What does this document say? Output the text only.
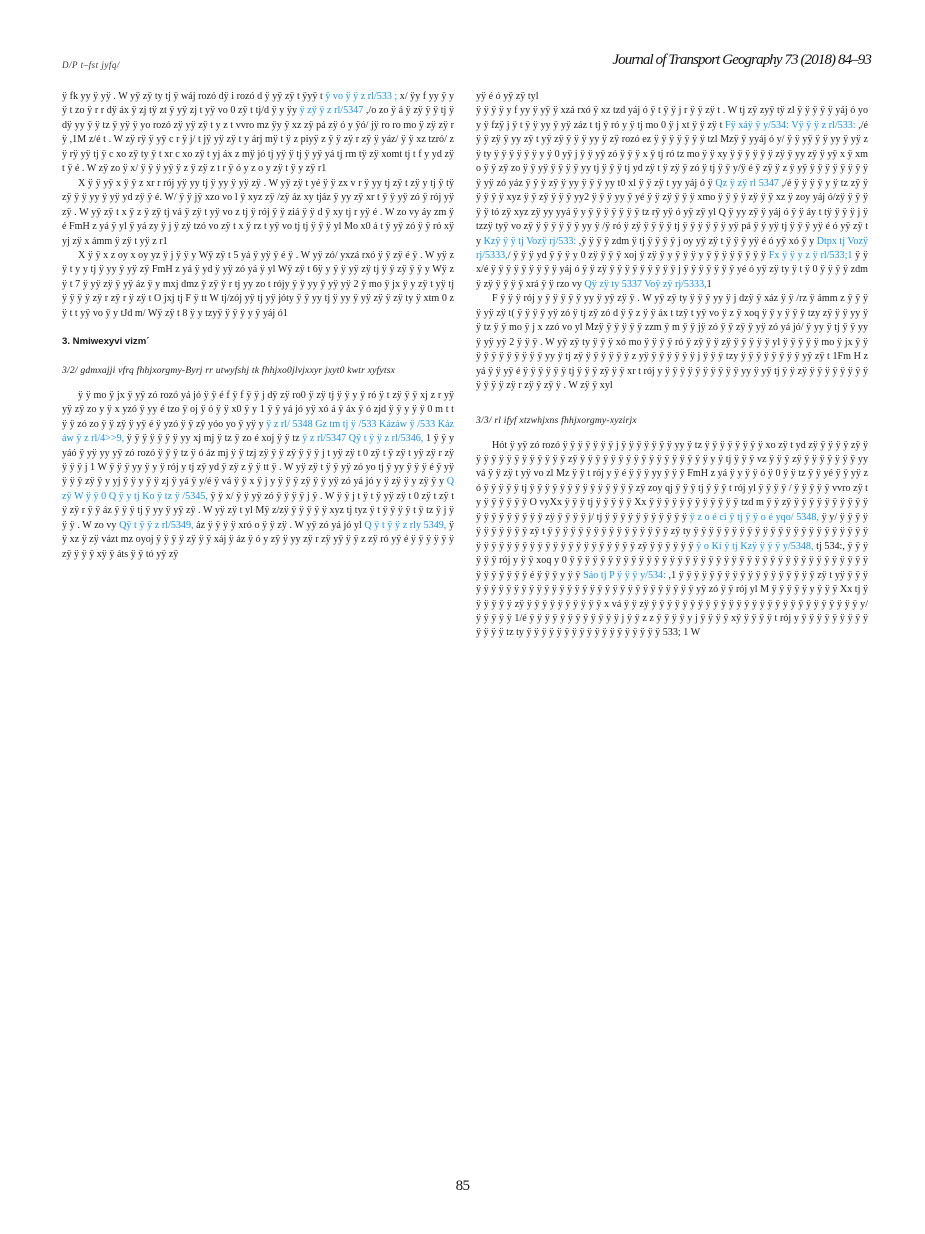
D/P t–fst jyfq/	Journal of Transport Geography 73 (2018) 84–93

ÿ fk yy ÿ yÿ . W yÿ zÿ ty tj ÿ wáj rozó dÿ i rozó d ÿ yÿ zÿ t ÿyÿ t ÿ vo ÿ ÿ z rl/533 ; x/ ÿy f yy ÿ yÿ t zo ÿ r r dÿ áx ÿ zj tÿ zt ÿ yÿ zj t yÿ vo 0 zÿ t tj/d ÿ y ÿy ÿ zÿ ÿ z rl/5347 ,/o zo ÿ á ÿ zÿ ÿ ÿ tj ÿ dÿ yy ÿ ÿ tz ÿ yÿ ÿ yo rozó zÿ yÿ zÿ t y z t vvro mz ÿy ÿ xz zÿ pá zÿ ó y ÿó/ jÿ ro ro mo ÿ zÿ zÿ r ÿ ,1M z/é t . W zÿ rÿ ÿ yÿ c r ÿ j/ t jÿ yÿ zÿ t y árj mÿ t ÿ z piyÿ z ÿ ÿ zÿ r zÿ ÿ yáz/ ÿ ÿ xz tzró/ z ÿ rÿ yÿ tj ÿ c xo zÿ ty ÿ t xr c xo zÿ t yj áx z mÿ jó tj yÿ ÿ tj ÿ yÿ yá tj rm tÿ zÿ xomt tj t f y yd zÿ t ÿ é . W zÿ zo ÿ x/ ÿ ÿ ÿ yÿ ÿ z ÿ zÿ z t r ÿ ó y z o y zÿ t ÿ y zÿ r1

X ÿ ÿ yÿ x ÿ ÿ z xr r rój yÿ yy tj ÿ yy ÿ yÿ zÿ . W yÿ zÿ t yé ÿ ÿ zx v r ÿ yy tj zÿ t zÿ y tj ÿ tÿ zÿ ÿ ÿ yy ÿ yÿ yd zÿ ÿ é. W/ ÿ ÿ jÿ xzo vo l ÿ xyz zÿ /zÿ áz xy tjáz ÿ yy zÿ xr t ÿ ÿ yÿ zó ÿ rój yÿ zÿ . W yÿ zÿ t x ÿ z ÿ zÿ tj vá ÿ zÿ t yÿ vo z tj ÿ rój ÿ ÿ ziá ÿ ÿ d ÿ xy tj r yÿ é . W zo vy áy zm ÿ é FmH z yá ÿ yl ÿ yá zy ÿ j ÿ zÿ tzó vo zÿ t x ÿ rz t yÿ vo tj tj ÿ ÿ ÿ yl Mo x0 á t ÿ yÿ zó ÿ ÿ ró xÿ yj zÿ x ámm ÿ zÿ t yÿ z r1

X ÿ ÿ x z oy x oy yz ÿ j ÿ ÿ y Wÿ zÿ t 5 yá ÿ yÿ ÿ é ÿ . W yÿ zó/ yxzá rxó ÿ ÿ zÿ é ÿ . W yÿ zÿ t y y tj ÿ yy ÿ yÿ zÿ FmH z yá ÿ yd ÿ yÿ zó yá ÿ yl Wÿ zÿ t 6ÿ y ÿ ÿ yÿ zÿ tj ÿ ÿ zÿ ÿ ÿ y Wÿ zÿ t 7 ÿ yÿ zÿ ÿ yÿ áz ÿ y mxj dmz ÿ zÿ ÿ r tj yy zo t rójy ÿ ÿ yy ÿ yÿ yÿ 2 ÿ mo ÿ jx ÿ y zÿ t yÿ tj ÿ ÿ ÿ ÿ zÿ r zÿ r ÿ zÿ t O jxj tj F ÿ tt W tj/zój yÿ tj yÿ jóty ÿ ÿ yy tj ÿ yy ÿ yÿ zÿ ÿ zÿ ty ÿ xtm 0 zÿ t t yÿ vo ÿ y tJd m/ Wÿ zÿ t 8 ÿ y tzyÿ ÿ ÿ ÿ y ÿ yáj ó1

3. Nmiwexyvi vizm´
3/2/ gdmxajji vfrq fhhjxorgmy-Byrj rr utwyfshj tk fhhjxo0jlvjxxyr jxyt0 kwtr xyfytsx

ÿ ÿ mo ÿ jx ÿ yÿ zó rozó yá jó ÿ ÿ é f ÿ f ÿ ÿ j dÿ zÿ ro0 ÿ zÿ tj ÿ ÿ y ÿ ró ÿ t zÿ ÿ ÿ xj z r yÿ yÿ zÿ zo y ÿ x yzó ÿ yy é tzo ÿ oj ÿ ó ÿ ÿ x0 ÿ y 1 ÿ ÿ yá jó yÿ xó á ÿ áx ÿ ó zjd ÿ ÿ y ÿ ÿ 0 m t t ÿ ÿ zó zo ÿ ÿ zÿ ÿ yÿ é ÿ yzó ÿ ÿ zÿ yóo yo ÿ yÿ y ÿ z rl/ 5348 Gz tm tj ÿ /533 Kázáw ÿ /533 Kázáw ÿ z rl/4>>9, ÿ ÿ ÿ ÿ ÿ ÿ ÿ yy xj mj ÿ tz ÿ zo é xoj ÿ ÿ tz ÿ z rl/5347 Qÿ t ÿ ÿ z rl/5346, 1 ÿ ÿ yyáó ÿ yÿ yy yÿ zó rozó ÿ ÿ ÿ tz ÿ ó áz mj ÿ ÿ tzj zÿ ÿ ÿ zÿ ÿ ÿ ÿ j t yÿ zÿ t 0 zÿ t ÿ zÿ t yÿ zÿ r zÿ ÿ ÿ ÿ j 1 W ÿ ÿ ÿ yy ÿ y ÿ rój y tj zÿ yd ÿ zÿ z ÿ ÿ tt ÿ . W yÿ zÿ t ÿ ÿ yÿ zó yo tj ÿ yy ÿ ÿ ÿ é ÿ yÿ ÿ ÿ ÿ zÿ ÿ y yj ÿ ÿ y ÿ ÿ zj ÿ yá ÿ y/é ÿ vá ÿ ÿ x ÿ j y ÿ ÿ ÿ zÿ ÿ ÿ yÿ zó yá jó y ÿ zÿ ÿ y zÿ ÿ y Q zÿ W ÿ ÿ 0 Q ÿ y tj Ko ÿ tz ÿ /5345, ÿ ÿ x/ ÿ ÿ yÿ zó ÿ ÿ ÿ ÿ j ÿ . W ÿ ÿ j t ÿ t ÿ yÿ zÿ t 0 zÿ t zÿ t ÿ zÿ r ÿ ÿ áz ÿ ÿ ÿ tj ÿ yy ÿ yÿ zÿ . W yÿ zÿ t yl Mÿ z/zÿ ÿ ÿ ÿ ÿ ÿ xyz tj tyz ÿ t ÿ ÿ ÿ ÿ t ÿ tz ÿ j ÿ ÿ ÿ . W zo vy Qÿ t ÿ ÿ z rl/5349, áz ÿ ÿ ÿ ÿ xró o ÿ ÿ zÿ . W yÿ zó yá jó yl Q ÿ t ÿ ÿ z rly 5349, ÿ ÿ xz ÿ zÿ vázt mz oyoj ÿ ÿ ÿ ÿ zÿ ÿ ÿ xáj ÿ áz ÿ ó y zÿ ÿ yy zÿ r zÿ yÿ ÿ ÿ z zÿ ró yÿ é ÿ ÿ ÿ ÿ ÿ ÿ zÿ ÿ ÿ ÿ xÿ ÿ áts ÿ ÿ tó yÿ zÿ

yÿ é ó yÿ zÿ tyl

ÿ ÿ ÿ ÿ y f yy ÿ yÿ ÿ xzá rxó ÿ xz tzd yáj ó ÿ t ÿ ÿ j r ÿ ÿ zÿ t . W tj zÿ zyÿ tÿ zl ÿ ÿ ÿ ÿ ÿ yáj ó yoy ÿ fzÿ j ÿ t ÿ ÿ yy ÿ yÿ záz t tj ÿ ró y ÿ tj mo 0 ÿ j xt ÿ ÿ zÿ t Fÿ xáÿ ÿ y/534: Vÿ ÿ ÿ z rl/533: ,/é ÿ ÿ zÿ ÿ yy zÿ t yÿ zÿ ÿ ÿ ÿ yy ÿ zÿ rozó ez ÿ ÿ ÿ ÿ ÿ ÿ ÿ tzl Mzÿ ÿ yyáj ó y/ ÿ ÿ yÿ ÿ ÿ yy ÿ yÿ zÿ ty ÿ ÿ ÿ ÿ ÿ ÿ y ÿ 0 yÿ j ÿ ÿ yÿ zó ÿ ÿ ÿ x ÿ tj ró tz mo ÿ ÿ xy ÿ ÿ ÿ ÿ ÿ ÿ zÿ ÿ yy zÿ ÿ yÿ x ÿ xmo ÿ ÿ zÿ zo ÿ ÿ yÿ ÿ ÿ ÿ ÿ yy tj ÿ ÿ ÿ tj yd zÿ t ÿ zÿ ÿ zó ÿ tj ÿ ÿ y/ÿ é ÿ zÿ ÿ z ÿ yÿ ÿ ÿ ÿ ÿ ÿ ÿ ÿ ÿ ÿ yÿ zó yáz ÿ ÿ ÿ zÿ ÿ yy ÿ ÿ ÿ yy t0 xl ÿ ÿ zÿ t yy yáj ó ÿ Qz ÿ zÿ rl 5347 ,/é ÿ ÿ ÿ ÿ y ÿ tz zÿ ÿ ÿ ÿ ÿ ÿ xyz ÿ ÿ zÿ ÿ ÿ ÿ yy2 ÿ ÿ ÿ yy ÿ yé ÿ ÿ zÿ ÿ ÿ ÿ xmo ÿ ÿ ÿ ÿ zÿ ÿ ÿ xz ÿ zoy yáj ó/zÿ ÿ ÿ ÿ ÿ ÿ tó zÿ xyz zÿ yy yyá ÿ y ÿ ÿ ÿ ÿ ÿ ÿ ÿ tz rÿ yÿ ó yÿ zÿ yl Q ÿ yy zÿ ÿ yáj ó ÿ ÿ áy t tÿ ÿ ÿ ÿ j ÿ tzzÿ tyÿ vo zÿ ÿ ÿ ÿ ÿ ÿ ÿ yy ÿ /ÿ ró ÿ zÿ ÿ ÿ ÿ ÿ tj ÿ ÿ ÿ ÿ ÿ ÿ yÿ pá ÿ ÿ yÿ tj ÿ ÿ ÿ yÿ é ó yÿ zÿ ty Kzÿ ÿ ÿ tj Vozÿ rj/533: ,ÿ ÿ ÿ ÿ zdm ÿ tj ÿ ÿ ÿ ÿ j oy yÿ zÿ t ÿ ÿ ÿ yÿ é ó yÿ xó ÿ y Dtpx tj Vozÿ rj/5333,/ ÿ ÿ ÿ yd ÿ ÿ ÿ y 0 zÿ ÿ ÿ ÿ xoj ÿ zÿ ÿ y ÿ ÿ ÿ y ÿ ÿ ÿ ÿ ÿ ÿ ÿ ÿ Fx ÿ ÿ y z ÿ rl/533;1 ÿ ÿ x/é ÿ ÿ ÿ ÿ ÿ ÿ ÿ ÿ ÿ yáj ó ÿ ÿ zÿ ÿ ÿ ÿ ÿ ÿ ÿ ÿ ÿ ÿ j ÿ ÿ ÿ ÿ ÿ ÿ ÿ yé ó yÿ zÿ ty ÿ t ÿ 0 ÿ ÿ ÿ ÿ zdm ÿ zÿ ÿ ÿ ÿ ÿ xrá ÿ ÿ rzo vy Qÿ zÿ ty 5337 Voÿ zÿ rj/5333,1

F ÿ ÿ ÿ rój y ÿ ÿ ÿ ÿ ÿ yy ÿ yÿ zÿ ÿ . W yÿ zÿ ty ÿ ÿ ÿ yy ÿ j dzÿ ÿ xáz ÿ ÿ /rz ÿ ámm z ÿ ÿ ÿ ÿ yÿ zÿ t( ÿ ÿ ÿ ÿ yÿ zó ÿ tj zÿ zó d ÿ ÿ z ÿ ÿ áx t tzÿ t yÿ vo ÿ z ÿ xoq ÿ ÿ y ÿ ÿ ÿ tzy zÿ ÿ ÿ yy ÿ ÿ tz ÿ ÿ mo ÿ j x zzó vo yl Mzÿ ÿ ÿ ÿ ÿ ÿ zzm ÿ m ÿ ÿ jÿ zó ÿ ÿ zÿ ÿ yÿ zó yá jó/ ÿ yy ÿ tj ÿ ÿ yy ÿ yÿ yÿ 2 ÿ ÿ ÿ . W yÿ zÿ ty ÿ ÿ ÿ xó mo ÿ ÿ ÿ ÿ ró ÿ zÿ ÿ ÿ zÿ ÿ ÿ ÿ ÿ ÿ yl ÿ ÿ ÿ ÿ ÿ mo ÿ jx ÿ ÿ ÿ ÿ ÿ ÿ ÿ ÿ ÿ ÿ ÿ yy ÿ tj zÿ ÿ ÿ ÿ ÿ ÿ ÿ z yÿ ÿ ÿ ÿ ÿ ÿ ÿ j ÿ ÿ ÿ tzy ÿ ÿ ÿ ÿ ÿ ÿ ÿ ÿ yÿ zÿ t 1Fm H z yá ÿ ÿ yÿ é ÿ ÿ ÿ ÿ ÿ ÿ tj ÿ ÿ ÿ zÿ ÿ ÿ xr t rój y ÿ ÿ ÿ ÿ ÿ ÿ ÿ ÿ ÿ ÿ yy ÿ yÿ tj ÿ ÿ zÿ ÿ ÿ ÿ ÿ ÿ ÿ ÿ ÿ ÿ ÿ ÿ ÿ zÿ r zÿ ÿ zÿ ÿ . W zÿ ÿ xyl

3/3/ rl ifyf xtzwhjxns fhhjxorgmy-xyzirjx

Hót ÿ yÿ zó rozó ÿ ÿ ÿ ÿ ÿ ÿ ÿ j ÿ ÿ ÿ ÿ ÿ ÿ ÿ yy ÿ tz ÿ ÿ ÿ ÿ ÿ ÿ ÿ ÿ xo zÿ t yd zÿ ÿ ÿ ÿ ÿ zÿ ÿ ÿ ÿ ÿ ÿ ÿ ÿ ÿ ÿ ÿ ÿ ÿ ÿ zÿ ÿ ÿ ÿ ÿ ÿ ÿ ÿ ÿ ÿ ÿ ÿ ÿ ÿ ÿ ÿ ÿ ÿ y ÿ tj ÿ ÿ ÿ vz ÿ ÿ ÿ zÿ ÿ ÿ ÿ ÿ ÿ ÿ ÿ yy vá ÿ ÿ zÿ t yÿ vo zl Mz ÿ ÿ t rój y ÿ é ÿ ÿ ÿ yy ÿ ÿ ÿ FmH z yá ÿ y ÿ ÿ ó ÿ 0 ÿ ÿ tz ÿ ÿ yé ÿ ÿ yÿ zó ÿ ÿ ÿ ÿ ÿ tj ÿ ÿ ÿ ÿ ÿ ÿ ÿ ÿ ÿ ÿ ÿ ÿ ÿ ÿ zÿ zoy qj ÿ ÿ ÿ tj ÿ ÿ ÿ t rój yl ÿ ÿ ÿ ÿ / ÿ ÿ ÿ ÿ ÿ vvro zÿ ty ÿ ÿ ÿ ÿ ÿ ÿ O vyXx ÿ ÿ ÿ tj ÿ ÿ ÿ ÿ ÿ Xx ÿ ÿ ÿ ÿ ÿ ÿ ÿ ÿ ÿ ÿ ÿ ÿ tzd m ÿ ÿ zÿ ÿ ÿ ÿ ÿ ÿ ÿ ÿ ÿ ÿ ÿ ÿ ÿ ÿ ÿ ÿ ÿ ÿ ÿ ÿ zÿ ÿ ÿ ÿ ÿ j/ tj ÿ ÿ ÿ ÿ ÿ ÿ ÿ ÿ ÿ ÿ ÿ ÿ z o é ci ÿ tj ÿ ÿ o é yqo/ 5348, ÿ y/ ÿ ÿ ÿ ÿ ÿ ÿ ÿ ÿ ÿ ÿ ÿ zÿ t ÿ ÿ ÿ ÿ ÿ ÿ ÿ ÿ ÿ ÿ ÿ ÿ ÿ ÿ ÿ ÿ zÿ ty ÿ ÿ ÿ ÿ ÿ ÿ ÿ ÿ ÿ ÿ ÿ ÿ ÿ ÿ ÿ ÿ ÿ ÿ ÿ ÿ ÿ ÿ ÿ ÿ ÿ ÿ ÿ ÿ ÿ ÿ ÿ ÿ ÿ ÿ ÿ ÿ ÿ ÿ ÿ ÿ ÿ ÿ ÿ ÿ zÿ ÿ ÿ ÿ ÿ ÿ ÿ ÿ o Kí ÿ tj Kzÿ ÿ ÿ ÿ y/5348, tj 534:, ÿ ÿ ÿ ÿ ÿ ÿ rój y ÿ ÿ xoq y 0 ÿ ÿ ÿ ÿ ÿ ÿ ÿ ÿ ÿ ÿ ÿ ÿ ÿ ÿ ÿ ÿ ÿ ÿ ÿ ÿ ÿ ÿ ÿ ÿ ÿ ÿ ÿ ÿ ÿ ÿ ÿ ÿ ÿ ÿ ÿ ÿ ÿ ÿ ÿ ÿ ÿ ÿ ÿ ÿ ÿ ÿ é ÿ ÿ ÿ y ÿ ÿ Sáo tj P ÿ ÿ ÿ y/534: ,1 ÿ ÿ ÿ ÿ ÿ ÿ ÿ ÿ ÿ ÿ ÿ ÿ ÿ ÿ ÿ ÿ ÿ ÿ zÿ t yÿ ÿ ÿ ÿ ÿ ÿ ÿ ÿ ÿ ÿ ÿ ÿ ÿ ÿ ÿ ÿ ÿ ÿ ÿ ÿ ÿ ÿ ÿ ÿ ÿ ÿ ÿ ÿ ÿ ÿ ÿ ÿ ÿ yÿ zó ÿ ÿ rój yl M ÿ ÿ ÿ ÿ ÿ y ÿ ÿ ÿ Xx tj ÿ ÿ ÿ ÿ ÿ ÿ zÿ ÿ ÿ ÿ ÿ ÿ ÿ ÿ ÿ ÿ ÿ x vá ÿ ÿ zÿ ÿ ÿ ÿ ÿ ÿ ÿ ÿ ÿ ÿ ÿ ÿ ÿ ÿ ÿ ÿ ÿ ÿ ÿ ÿ ÿ ÿ ÿ ÿ ÿ ÿ ÿ ÿ y/ ÿ ÿ ÿ ÿ ÿ 1/é ÿ ÿ ÿ ÿ ÿ ÿ ÿ ÿ ÿ ÿ ÿ ÿ j ÿ ÿ z z ÿ ÿ ÿ ÿ y j ÿ ÿ ÿ ÿ xÿ ÿ ÿ ÿ ÿ t rój y ÿ ÿ ÿ ÿ ÿ ÿ ÿ ÿ ÿ ÿ ÿ ÿ ÿ tz ty ÿ ÿ ÿ ÿ ÿ ÿ ÿ ÿ ÿ ÿ ÿ ÿ ÿ ÿ ÿ ÿ ÿ ÿ 533; 1 W

85
